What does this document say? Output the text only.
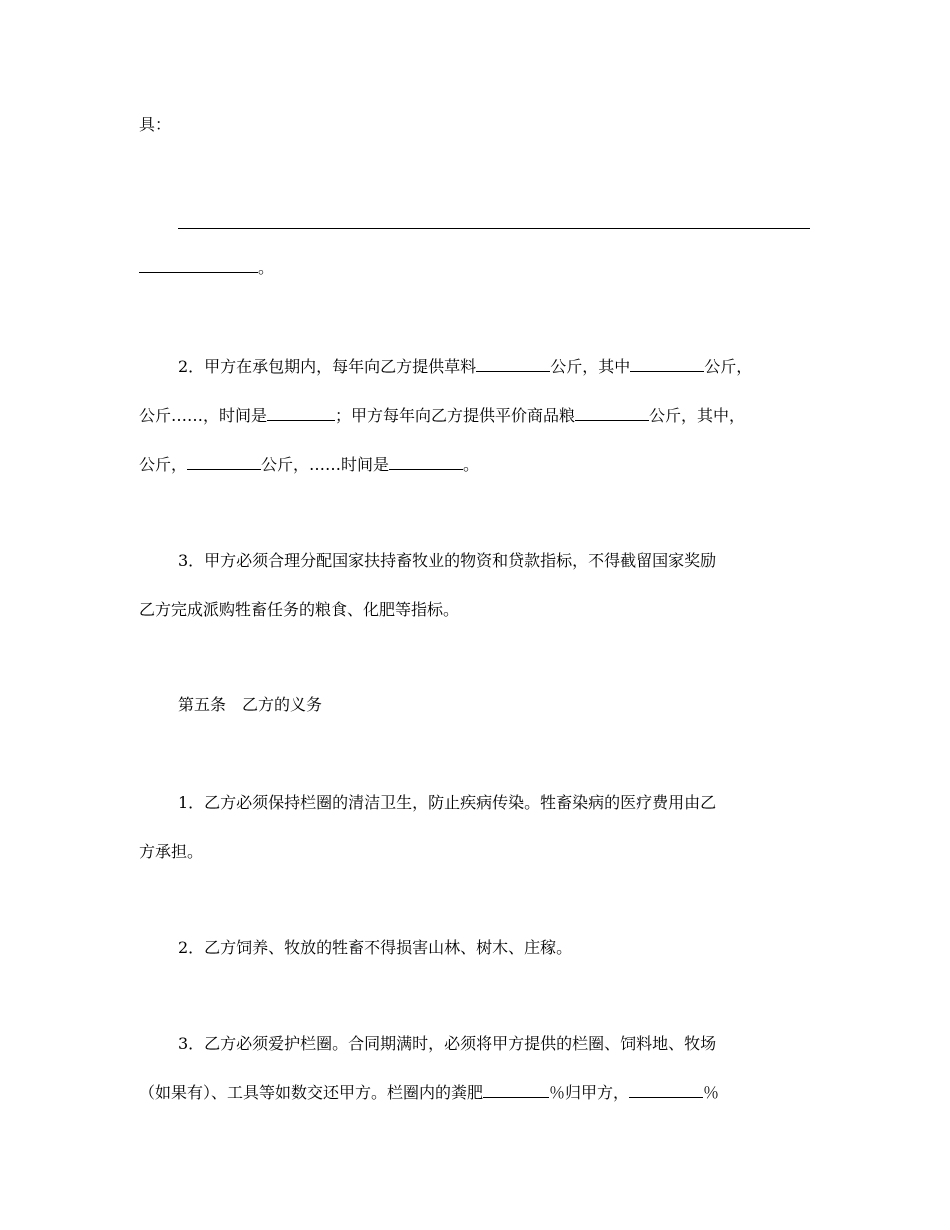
具：
。
2．甲方在承包期内，每年向乙方提供草料	公斤，其中	公斤，
公斤……，时间是	；甲方每年向乙方提供平价商品粮	公斤，其中，
公斤，	公斤，……时间是	。
3．甲方必须合理分配国家扶持畜牧业的物资和贷款指标，不得截留国家奖励
乙方完成派购牲畜任务的粮食、化肥等指标。
第五条　乙方的义务
1．乙方必须保持栏圈的清洁卫生，防止疾病传染。牲畜染病的医疗费用由乙
方承担。
2．乙方饲养、牧放的牲畜不得损害山林、树木、庄稼。
3．乙方必须爱护栏圈。合同期满时，必须将甲方提供的栏圈、饲料地、牧场
（如果有）、工具等如数交还甲方。栏圈内的粪肥	％归甲方，	％
